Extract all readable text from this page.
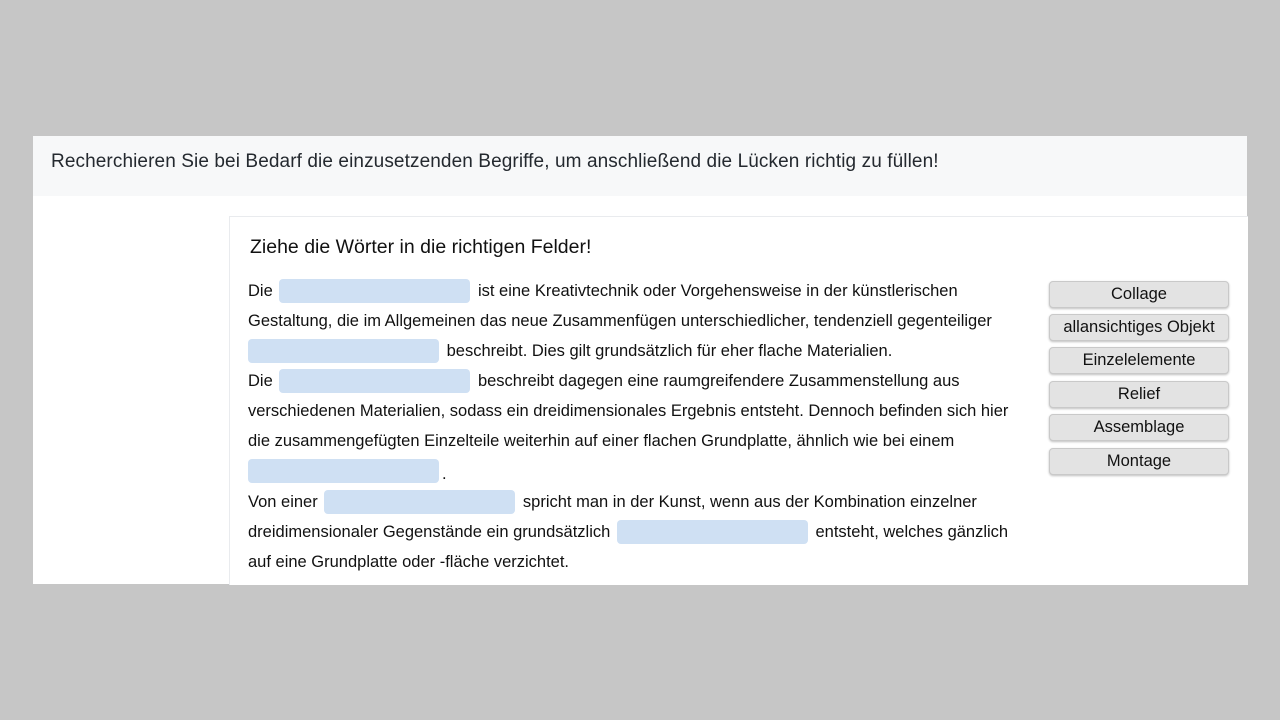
Recherchieren Sie bei Bedarf die einzusetzenden Begriffe, um anschließend die Lücken richtig zu füllen!
Ziehe die Wörter in die richtigen Felder!
Die	ist eine Kreativtechnik oder Vorgehensweise in der künstlerischen
Gestaltung, die im Allgemeinen das neue Zusammenfügen unterschiedlicher, tendenziell gegenteiliger
beschreibt. Dies gilt grundsätzlich für eher flache Materialien.
Die	beschreibt dagegen eine raumgreifendere Zusammenstellung aus
verschiedenen Materialien, sodass ein dreidimensionales Ergebnis entsteht. Dennoch befinden sich hier
die zusammengefügten Einzelteile weiterhin auf einer flachen Grundplatte, ähnlich wie bei einem
.
Von einer	spricht man in der Kunst, wenn aus der Kombination einzelner
dreidimensionaler Gegenstände ein grundsätzlich	entsteht, welches gänzlich
auf eine Grundplatte oder -fläche verzichtet.
Collage
allansichtiges Objekt
Einzelelemente
Relief
Assemblage
Montage
